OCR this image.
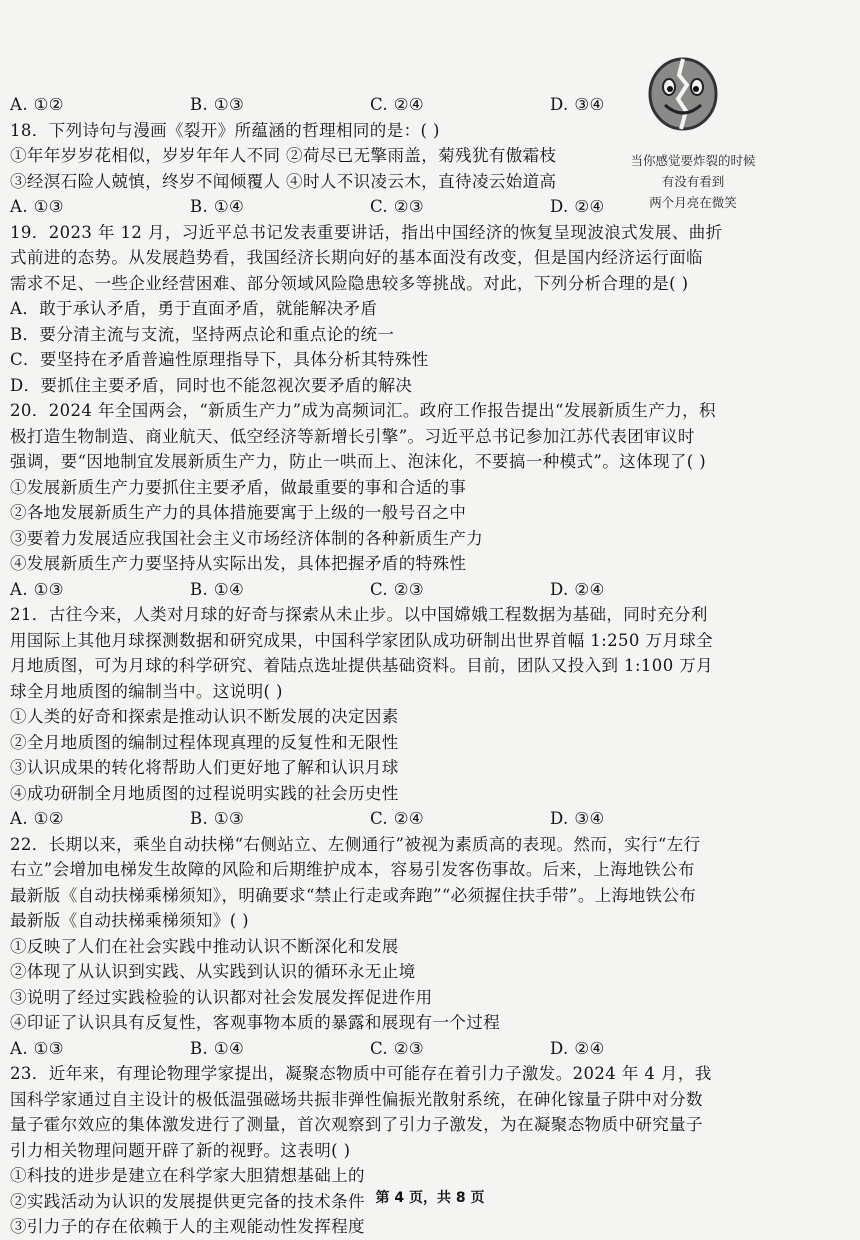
当你感觉要炸裂的时候
有没有看到
两个月亮在微笑
A. ①②	B. ①③	C. ②④	D. ③④
18．下列诗句与漫画《裂开》所蕴涵的哲理相同的是：( )
①年年岁岁花相似，岁岁年年人不同 ②荷尽已无擎雨盖，菊残犹有傲霜枝
③经溟石险人兢慎，终岁不闻倾覆人 ④时人不识凌云木，直待凌云始道高
A. ①③	B. ①④	C. ②③	D. ②④
19．2023 年 12 月，习近平总书记发表重要讲话，指出中国经济的恢复呈现波浪式发展、曲折
式前进的态势。从发展趋势看，我国经济长期向好的基本面没有改变，但是国内经济运行面临
需求不足、一些企业经营困难、部分领域风险隐患较多等挑战。对此，下列分析合理的是( )
A．敢于承认矛盾，勇于直面矛盾，就能解决矛盾
B．要分清主流与支流，坚持两点论和重点论的统一
C．要坚持在矛盾普遍性原理指导下，具体分析其特殊性
D．要抓住主要矛盾，同时也不能忽视次要矛盾的解决
20．2024 年全国两会，“新质生产力”成为高频词汇。政府工作报告提出“发展新质生产力，积
极打造生物制造、商业航天、低空经济等新增长引擎”。习近平总书记参加江苏代表团审议时
强调，要“因地制宜发展新质生产力，防止一哄而上、泡沫化，不要搞一种模式”。这体现了( )
①发展新质生产力要抓住主要矛盾，做最重要的事和合适的事
②各地发展新质生产力的具体措施要寓于上级的一般号召之中
③要着力发展适应我国社会主义市场经济体制的各种新质生产力
④发展新质生产力要坚持从实际出发，具体把握矛盾的特殊性
A. ①③	B. ①④	C. ②③	D. ②④
21．古往今来，人类对月球的好奇与探索从未止步。以中国嫦娥工程数据为基础，同时充分利
用国际上其他月球探测数据和研究成果，中国科学家团队成功研制出世界首幅 1:250 万月球全
月地质图，可为月球的科学研究、着陆点选址提供基础资料。目前，团队又投入到 1:100 万月
球全月地质图的编制当中。这说明( )
①人类的好奇和探索是推动认识不断发展的决定因素
②全月地质图的编制过程体现真理的反复性和无限性
③认识成果的转化将帮助人们更好地了解和认识月球
④成功研制全月地质图的过程说明实践的社会历史性
A. ①②	B. ①③	C. ②④	D. ③④
22．长期以来，乘坐自动扶梯“右侧站立、左侧通行”被视为素质高的表现。然而，实行“左行
右立”会增加电梯发生故障的风险和后期维护成本，容易引发客伤事故。后来，上海地铁公布
最新版《自动扶梯乘梯须知》，明确要求“禁止行走或奔跑”“必须握住扶手带”。上海地铁公布
最新版《自动扶梯乘梯须知》( )
①反映了人们在社会实践中推动认识不断深化和发展
②体现了从认识到实践、从实践到认识的循环永无止境
③说明了经过实践检验的认识都对社会发展发挥促进作用
④印证了认识具有反复性，客观事物本质的暴露和展现有一个过程
A. ①③	B. ①④	C. ②③	D. ②④
23．近年来，有理论物理学家提出，凝聚态物质中可能存在着引力子激发。2024 年 4 月，我
国科学家通过自主设计的极低温强磁场共振非弹性偏振光散射系统，在砷化镓量子阱中对分数
量子霍尔效应的集体激发进行了测量，首次观察到了引力子激发，为在凝聚态物质中研究量子
引力相关物理问题开辟了新的视野。这表明( )
①科技的进步是建立在科学家大胆猜想基础上的
②实践活动为认识的发展提供更完备的技术条件
③引力子的存在依赖于人的主观能动性发挥程度
第 4 页，共 8 页
